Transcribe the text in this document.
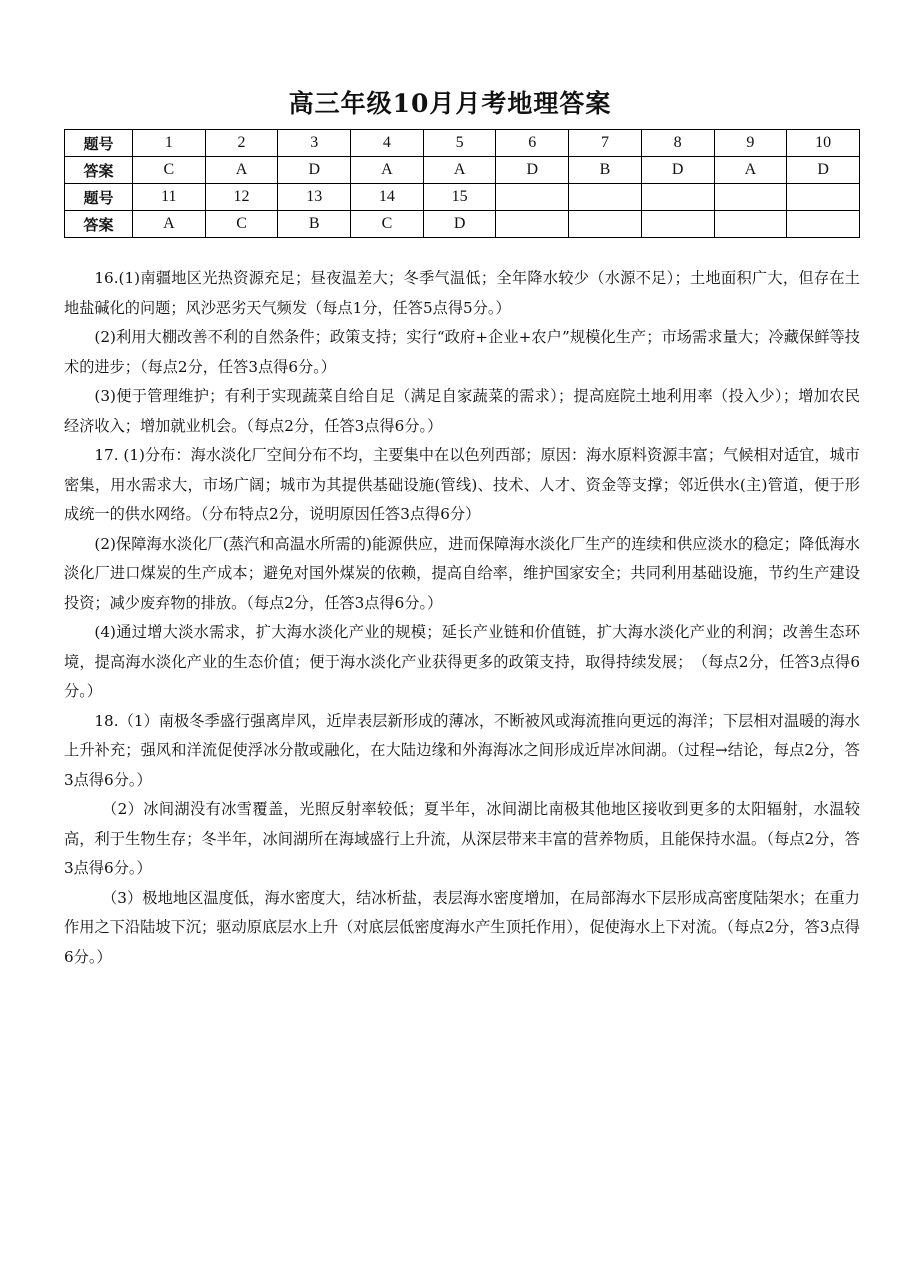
高三年级10月月考地理答案
题号	1	2	3	4	5	6	7	8	9	10
答案	C	A	D	A	A	D	B	D	A	D
题号	11	12	13	14	15					
答案	A	C	B	C	D					

16.(1)南疆地区光热资源充足；昼夜温差大；冬季气温低；全年降水较少（水源不足）；土地面积广大，但存在土地盐碱化的问题；风沙恶劣天气频发（每点1分，任答5点得5分。）

(2)利用大棚改善不利的自然条件；政策支持；实行“政府+企业+农户”规模化生产；市场需求量大；冷藏保鲜等技术的进步；（每点2分，任答3点得6分。）

(3)便于管理维护；有利于实现蔬菜自给自足（满足自家蔬菜的需求）；提高庭院土地利用率（投入少）；增加农民经济收入；增加就业机会。（每点2分，任答3点得6分。）

17. (1)分布：海水淡化厂空间分布不均，主要集中在以色列西部；原因：海水原料资源丰富；气候相对适宜，城市密集，用水需求大，市场广阔；城市为其提供基础设施(管线)、技术、人才、资金等支撑；邻近供水(主)管道，便于形成统一的供水网络。（分布特点2分，说明原因任答3点得6分）

(2)保障海水淡化厂(蒸汽和高温水所需的)能源供应，进而保障海水淡化厂生产的连续和供应淡水的稳定；降低海水淡化厂进口煤炭的生产成本；避免对国外煤炭的依赖，提高自给率，维护国家安全；共同利用基础设施，节约生产建设投资；减少废弃物的排放。（每点2分，任答3点得6分。）

(4)通过增大淡水需求，扩大海水淡化产业的规模；延长产业链和价值链，扩大海水淡化产业的利润；改善生态环境，提高海水淡化产业的生态价值；便于海水淡化产业获得更多的政策支持，取得持续发展；　（每点2分，任答3点得6分。）

18.（1）南极冬季盛行强离岸风，近岸表层新形成的薄冰，不断被风或海流推向更远的海洋；下层相对温暖的海水上升补充；强风和洋流促使浮冰分散或融化，在大陆边缘和外海海冰之间形成近岸冰间湖。（过程→结论，每点2分，答3点得6分。）

（2）冰间湖没有冰雪覆盖，光照反射率较低；夏半年，冰间湖比南极其他地区接收到更多的太阳辐射，水温较高，利于生物生存；冬半年，冰间湖所在海域盛行上升流，从深层带来丰富的营养物质，且能保持水温。（每点2分，答3点得6分。）

（3）极地地区温度低，海水密度大，结冰析盐，表层海水密度增加，在局部海水下层形成高密度陆架水；在重力作用之下沿陆坡下沉；驱动原底层水上升（对底层低密度海水产生顶托作用），促使海水上下对流。（每点2分，答3点得6分。）
